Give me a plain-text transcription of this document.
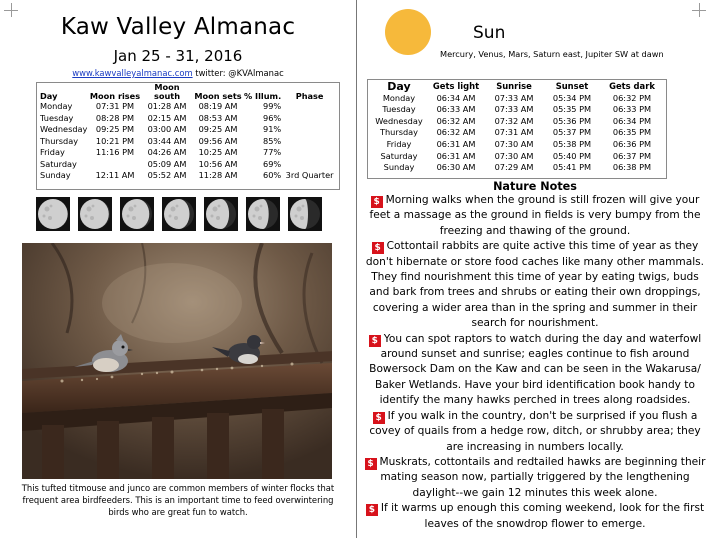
Kaw Valley Almanac
Jan 25 - 31, 2016
www.kawvalleyalmanac.com twitter: @KVAlmanac
Day	Moon rises	Moon
south	Moon sets	% Illum.	Phase
Monday	07:31 PM	01:28 AM	08:19 AM	99%	
Tuesday	08:28 PM	02:15 AM	08:53 AM	96%	
Wednesday	09:25 PM	03:00 AM	09:25 AM	91%	
Thursday	10:21 PM	03:44 AM	09:56 AM	85%	
Friday	11:16 PM	04:26 AM	10:25 AM	77%	
Saturday		05:09 AM	10:56 AM	69%	
Sunday	12:11 AM	05:52 AM	11:28 AM	60%	3rd Quarter
This tufted titmouse and junco are common members of winter flocks that frequent area birdfeeders. This is an important time to feed overwintering birds who are great fun to watch.
Sun
Mercury, Venus, Mars, Saturn east, Jupiter SW at dawn
Day	Gets light	Sunrise	Sunset	Gets dark
Monday	06:34 AM	07:33 AM	05:34 PM	06:32 PM
Tuesday	06:33 AM	07:33 AM	05:35 PM	06:33 PM
Wednesday	06:32 AM	07:32 AM	05:36 PM	06:34 PM
Thursday	06:32 AM	07:31 AM	05:37 PM	06:35 PM
Friday	06:31 AM	07:30 AM	05:38 PM	06:36 PM
Saturday	06:31 AM	07:30 AM	05:40 PM	06:37 PM
Sunday	06:30 AM	07:29 AM	05:41 PM	06:38 PM
Nature Notes

$ Morning walks when the ground is still frozen will give your feet a massage as the ground in fields is very bumpy from the freezing and thawing of the ground.

$ Cottontail rabbits are quite active this time of year as they don't hibernate or store food caches like many other mammals. They find nourishment this time of year by eating twigs, buds and bark from trees and shrubs or eating their own droppings, covering a wider area than in the spring and summer in their search for nourishment.

$ You can spot raptors to watch during the day and waterfowl around sunset and sunrise; eagles continue to fish around Bowersock Dam on the Kaw and can be seen in the Wakarusa/ Baker Wetlands. Have your bird identification book handy to identify the many hawks perched in trees along roadsides.

$ If you walk in the country, don't be surprised if you flush a covey of quails from a hedge row, ditch, or shrubby area; they are increasing in numbers locally.

$ Muskrats, cottontails and redtailed hawks are beginning their mating season now, partially triggered by the lengthening daylight--we gain 12 minutes this week alone.

$ If it warms up enough this coming weekend, look for the first leaves of the snowdrop flower to emerge.
